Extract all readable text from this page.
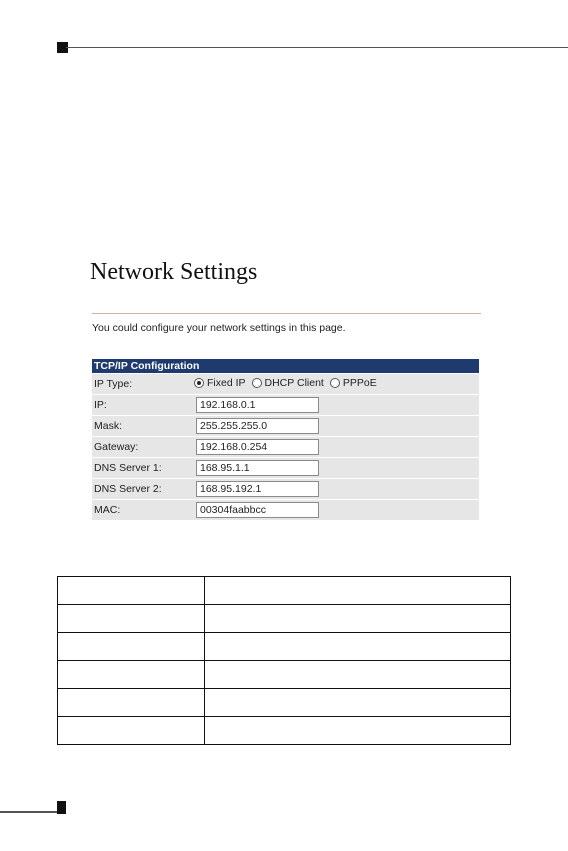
Network Settings
You could configure your network settings in this page.
TCP/IP Configuration
IP Type:	Fixed IP DHCP Client PPPoE
IP:
192.168.0.1
Mask:
255.255.255.0
Gateway:
192.168.0.254
DNS Server 1:
168.95.1.1
DNS Server 2:
168.95.192.1
MAC:
00304faabbcc
